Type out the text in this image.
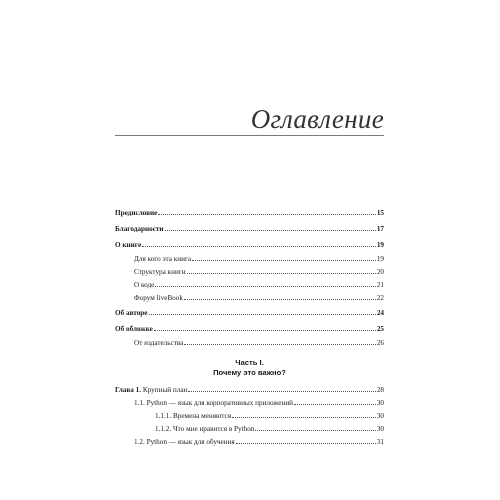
Оглавление
Предисловие	15
Благодарности	17
О книге	19
Для кого эта книга	19
Структура книги	20
О коде	21
Форум liveBook	22
Об авторе	24
Об обложке	25
От издательства	26
Часть I.
Почему это важно?
Глава 1. Крупный план	28
1.1. Python — язык для корпоративных приложений	30
1.1.1. Времена меняются	30
1.1.2. Что мне нравится в Python	30
1.2. Python — язык для обучения	31
